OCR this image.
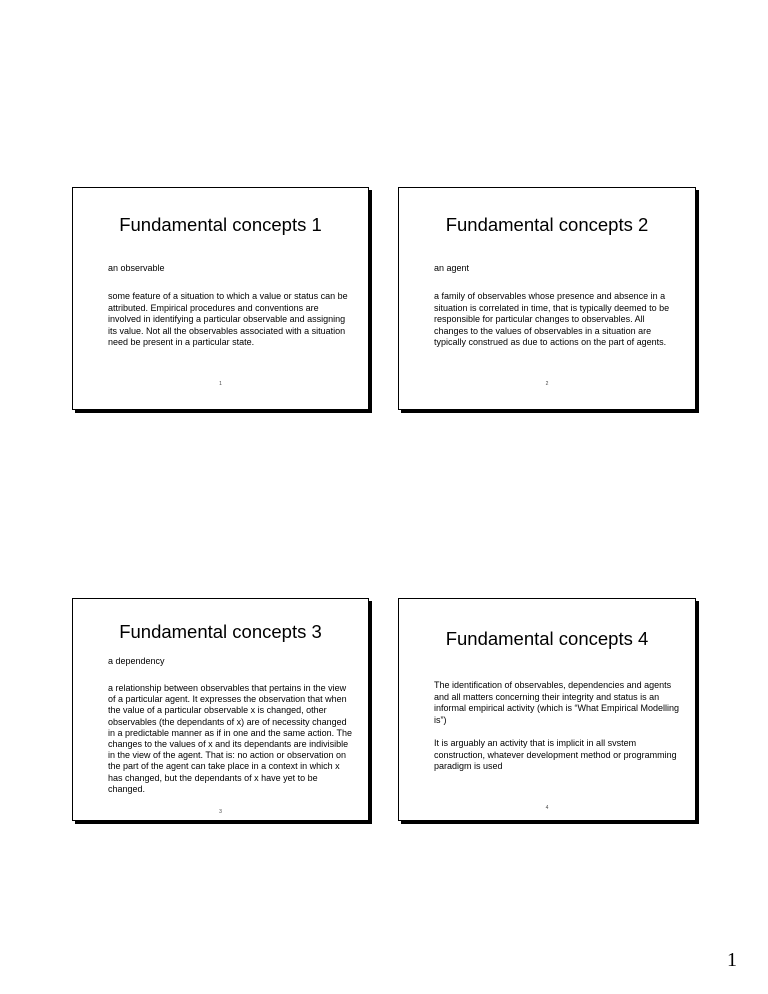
Fundamental concepts 1
an observable
some feature of a situation to which a value or status can be attributed. Empirical procedures and conventions are involved in identifying a particular observable and assigning its value. Not all the observables associated with a situation need be present in a particular state.
1
Fundamental concepts 2
an agent
a family of observables whose presence and absence in a situation is correlated in time, that is typically deemed to be responsible for particular changes to observables. All changes to the values of observables in a situation are typically construed as due to actions on the part of agents.
2
Fundamental concepts 3
a dependency
a relationship between observables that pertains in the view of a particular agent. It expresses the observation that when the value of a particular observable x is changed, other observables (the dependants of x) are of necessity changed in a predictable manner as if in one and the same action. The changes to the values of x and its dependants are indivisible in the view of the agent. That is: no action or observation on the part of the agent can take place in a context in which x has changed, but the dependants of x have yet to be changed.
3
Fundamental concepts 4
The identification of observables, dependencies and agents and all matters concerning their integrity and status is an informal empirical activity (which is “What Empirical Modelling is”)
It is arguably an activity that is implicit in all svstem construction, whatever development method or programming paradigm is used
4
1
